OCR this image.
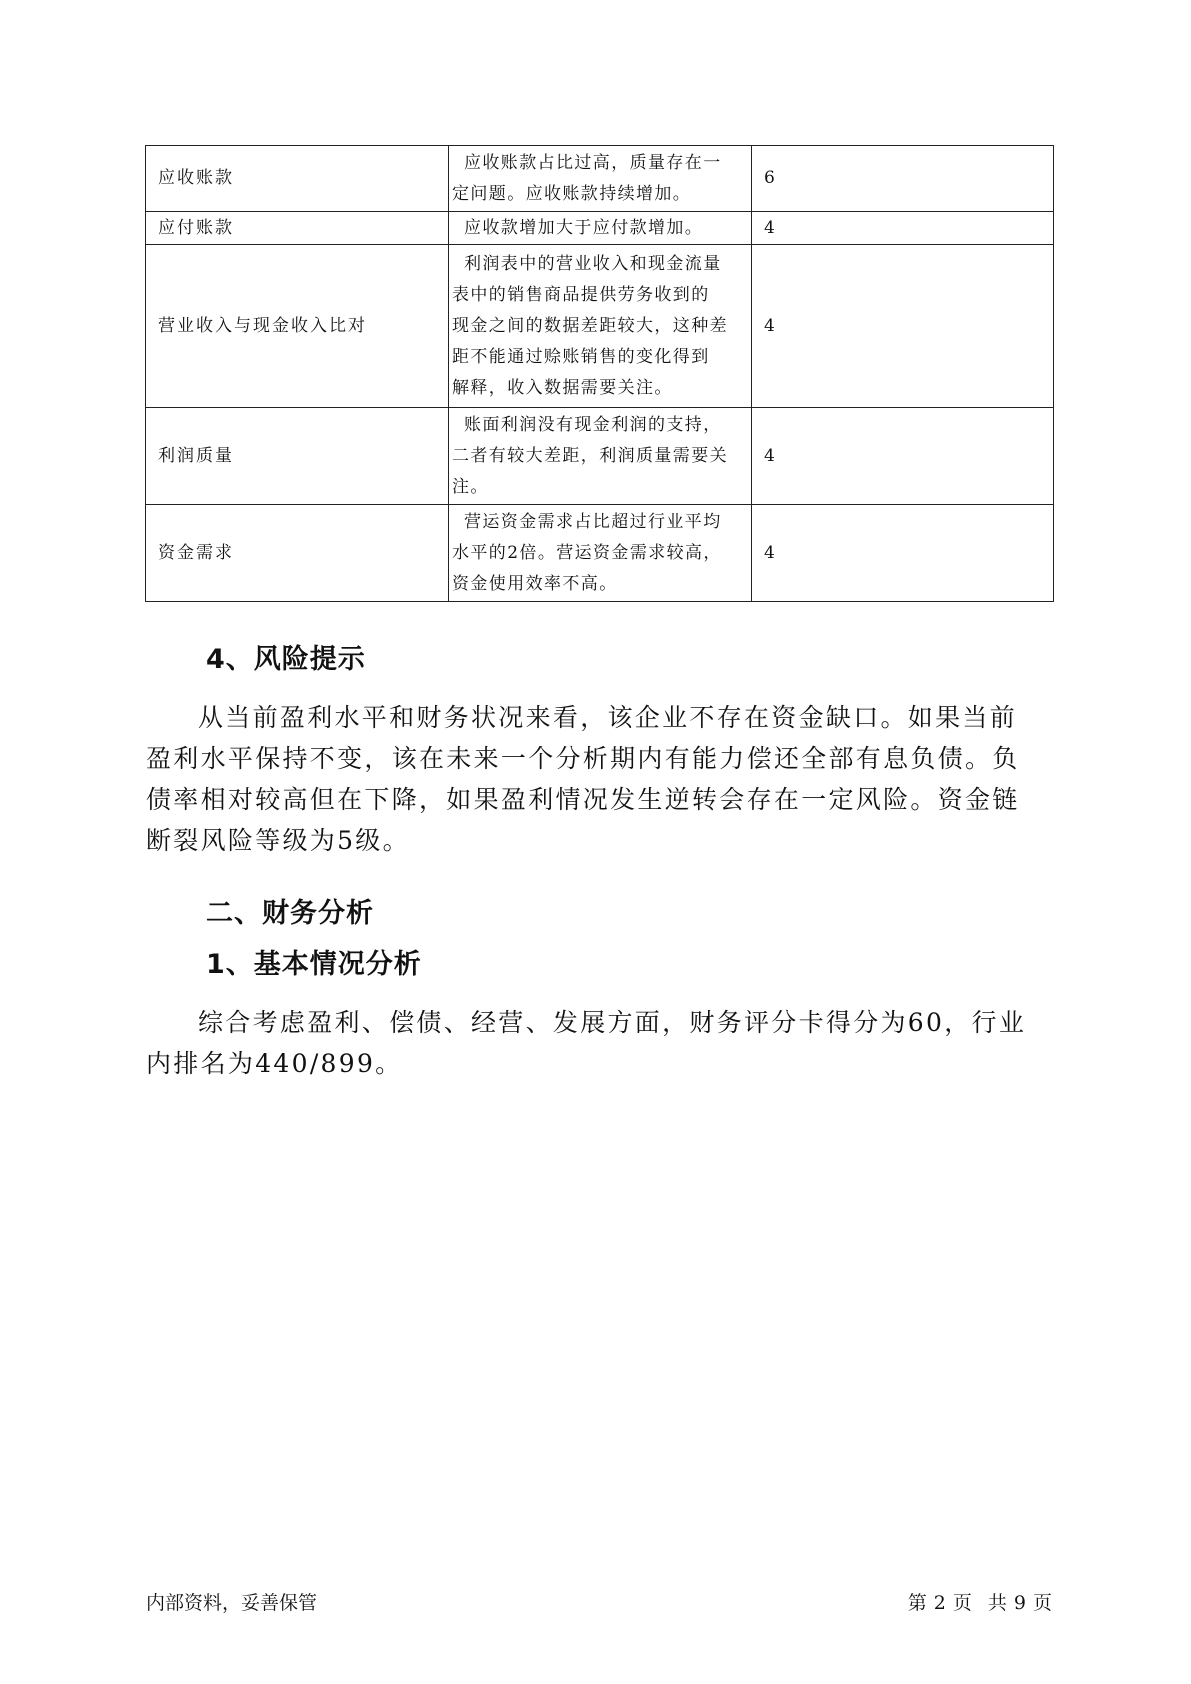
应收账款	应收账款占比过高，质量存在一
定问题。应收账款持续增加。	6
应付账款	应收款增加大于应付款增加。	4
营业收入与现金收入比对	利润表中的营业收入和现金流量
表中的销售商品提供劳务收到的
现金之间的数据差距较大，这种差
距不能通过赊账销售的变化得到
解释，收入数据需要关注。	4
利润质量	账面利润没有现金利润的支持，
二者有较大差距，利润质量需要关
注。	4
资金需求	营运资金需求占比超过行业平均
水平的2倍。营运资金需求较高，
资金使用效率不高。	4
4、风险提示
从当前盈利水平和财务状况来看，该企业不存在资金缺口。如果当前
盈利水平保持不变，该在未来一个分析期内有能力偿还全部有息负债。负
债率相对较高但在下降，如果盈利情况发生逆转会存在一定风险。资金链
断裂风险等级为5级。
二、财务分析
1、基本情况分析
综合考虑盈利、偿债、经营、发展方面，财务评分卡得分为60，行业
内排名为440/899。
内部资料，妥善保管	第 2 页 共 9 页
